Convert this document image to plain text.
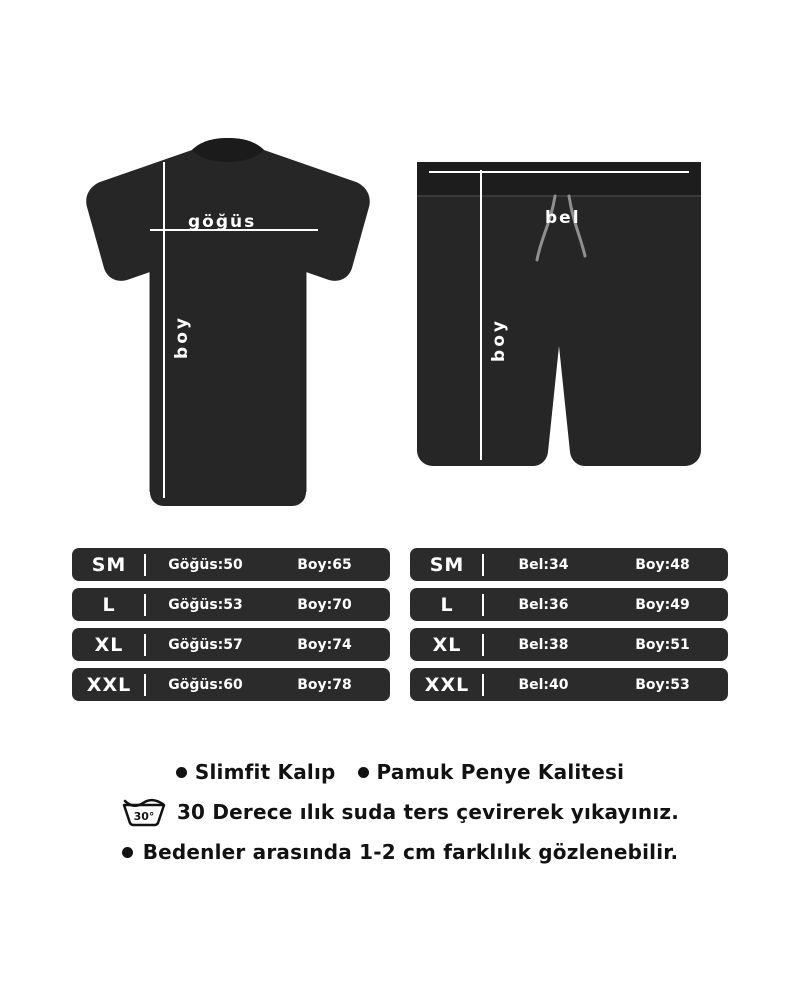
göğüs
boy
bel
boy
SM	Göğüs:50	Boy:65
L	Göğüs:53	Boy:70
XL	Göğüs:57	Boy:74
XXL	Göğüs:60	Boy:78
SM	Bel:34	Boy:48
L	Bel:36	Boy:49
XL	Bel:38	Boy:51
XXL	Bel:40	Boy:53
Slimfit Kalıp Pamuk Penye Kalitesi
30° 30 Derece ılık suda ters çevirerek yıkayınız.
Bedenler arasında 1-2 cm farklılık gözlenebilir.
